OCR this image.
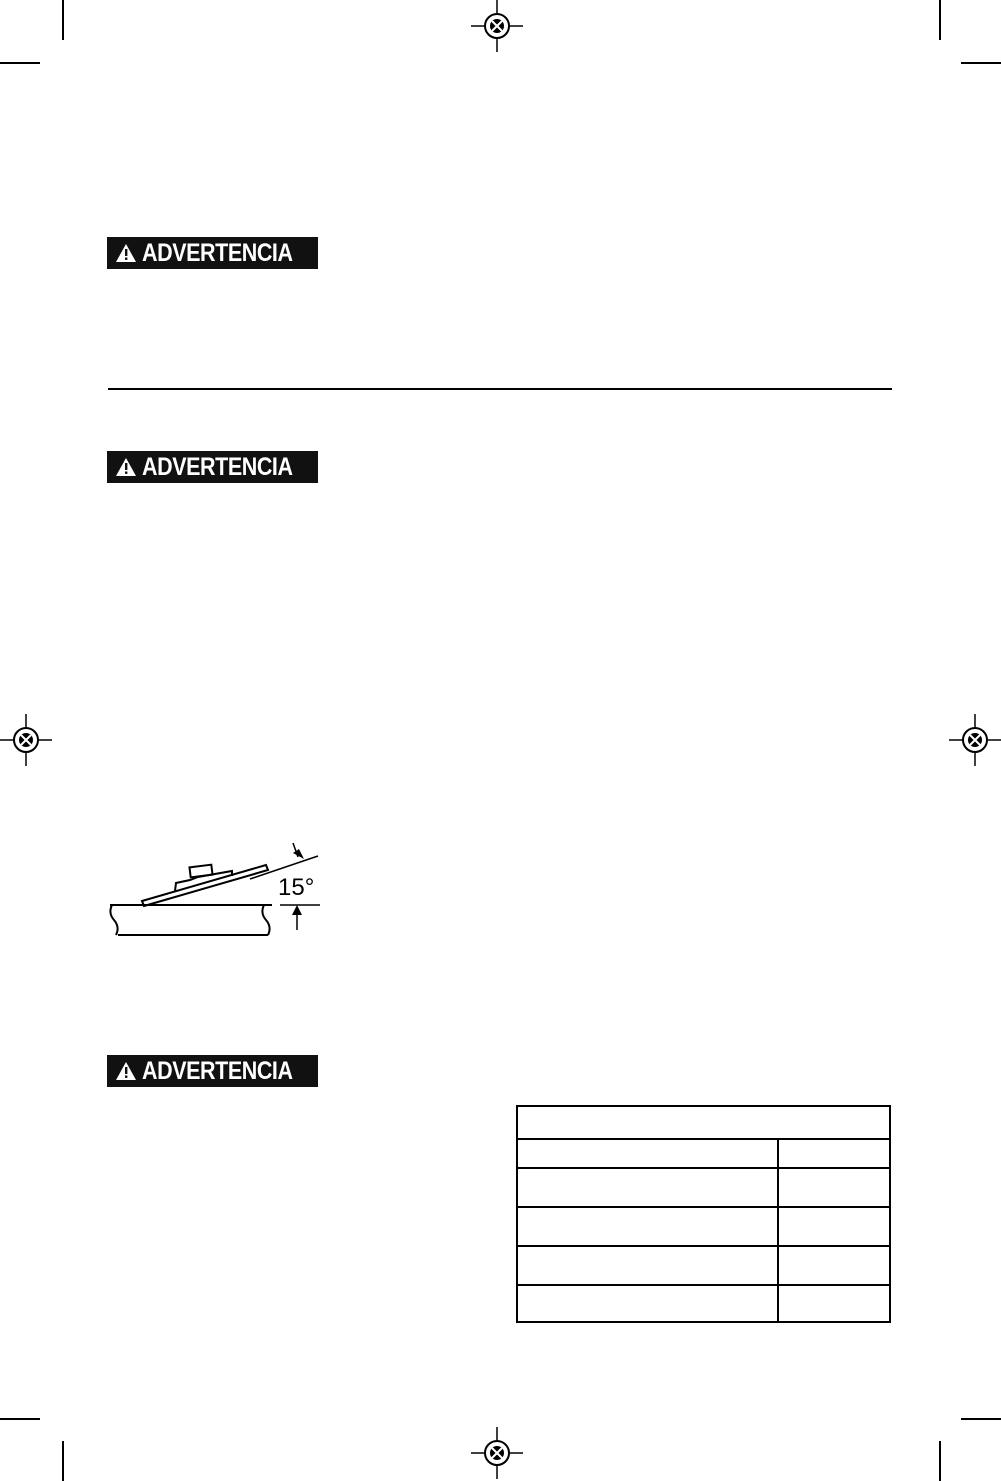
ADVERTENCIA
ADVERTENCIA
15°
ADVERTENCIA
